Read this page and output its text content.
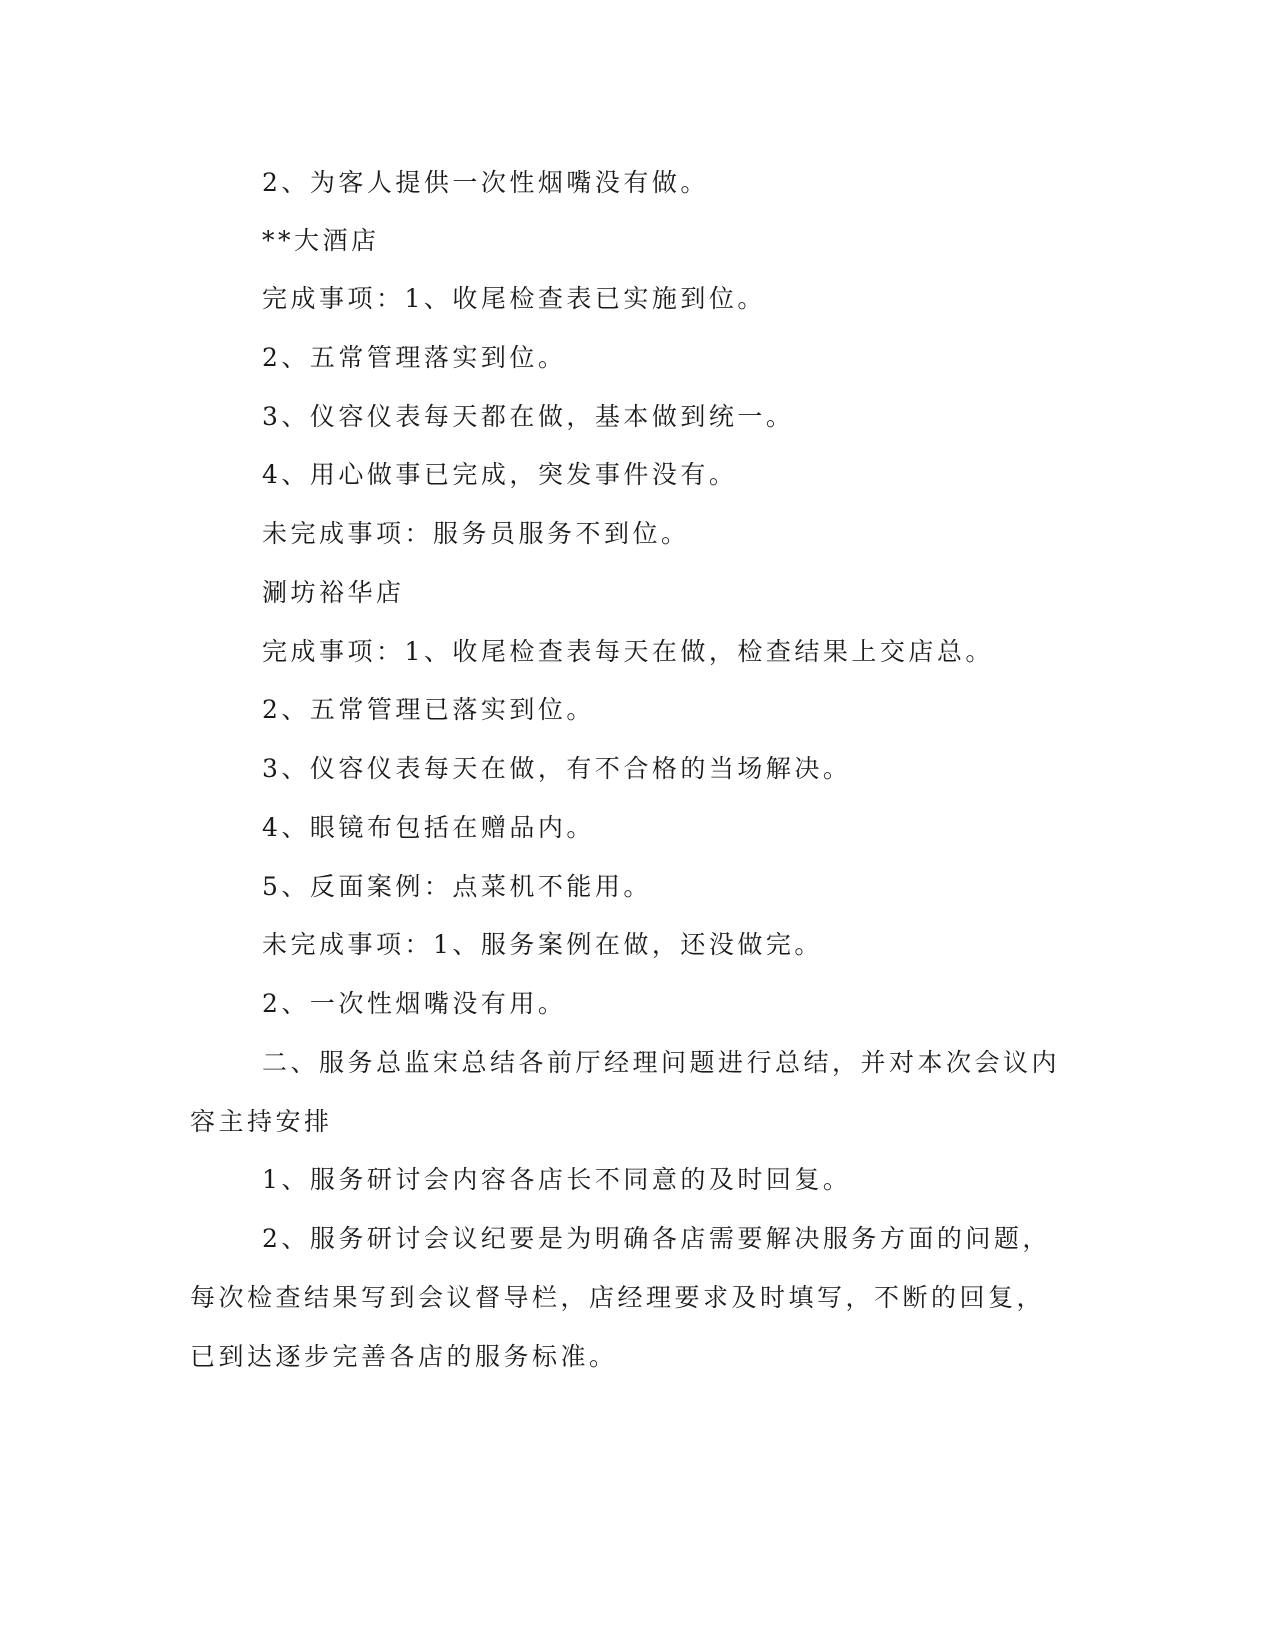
2、为客人提供一次性烟嘴没有做。
**大酒店
完成事项：1、收尾检查表已实施到位。
2、五常管理落实到位。
3、仪容仪表每天都在做，基本做到统一。
4、用心做事已完成，突发事件没有。
未完成事项：服务员服务不到位。
涮坊裕华店
完成事项：1、收尾检查表每天在做，检查结果上交店总。
2、五常管理已落实到位。
3、仪容仪表每天在做，有不合格的当场解决。
4、眼镜布包括在赠品内。
5、反面案例：点菜机不能用。
未完成事项：1、服务案例在做，还没做完。
2、一次性烟嘴没有用。
二、服务总监宋总结各前厅经理问题进行总结，并对本次会议内
容主持安排
1、服务研讨会内容各店长不同意的及时回复。
2、服务研讨会议纪要是为明确各店需要解决服务方面的问题，
每次检查结果写到会议督导栏，店经理要求及时填写，不断的回复，
已到达逐步完善各店的服务标准。
